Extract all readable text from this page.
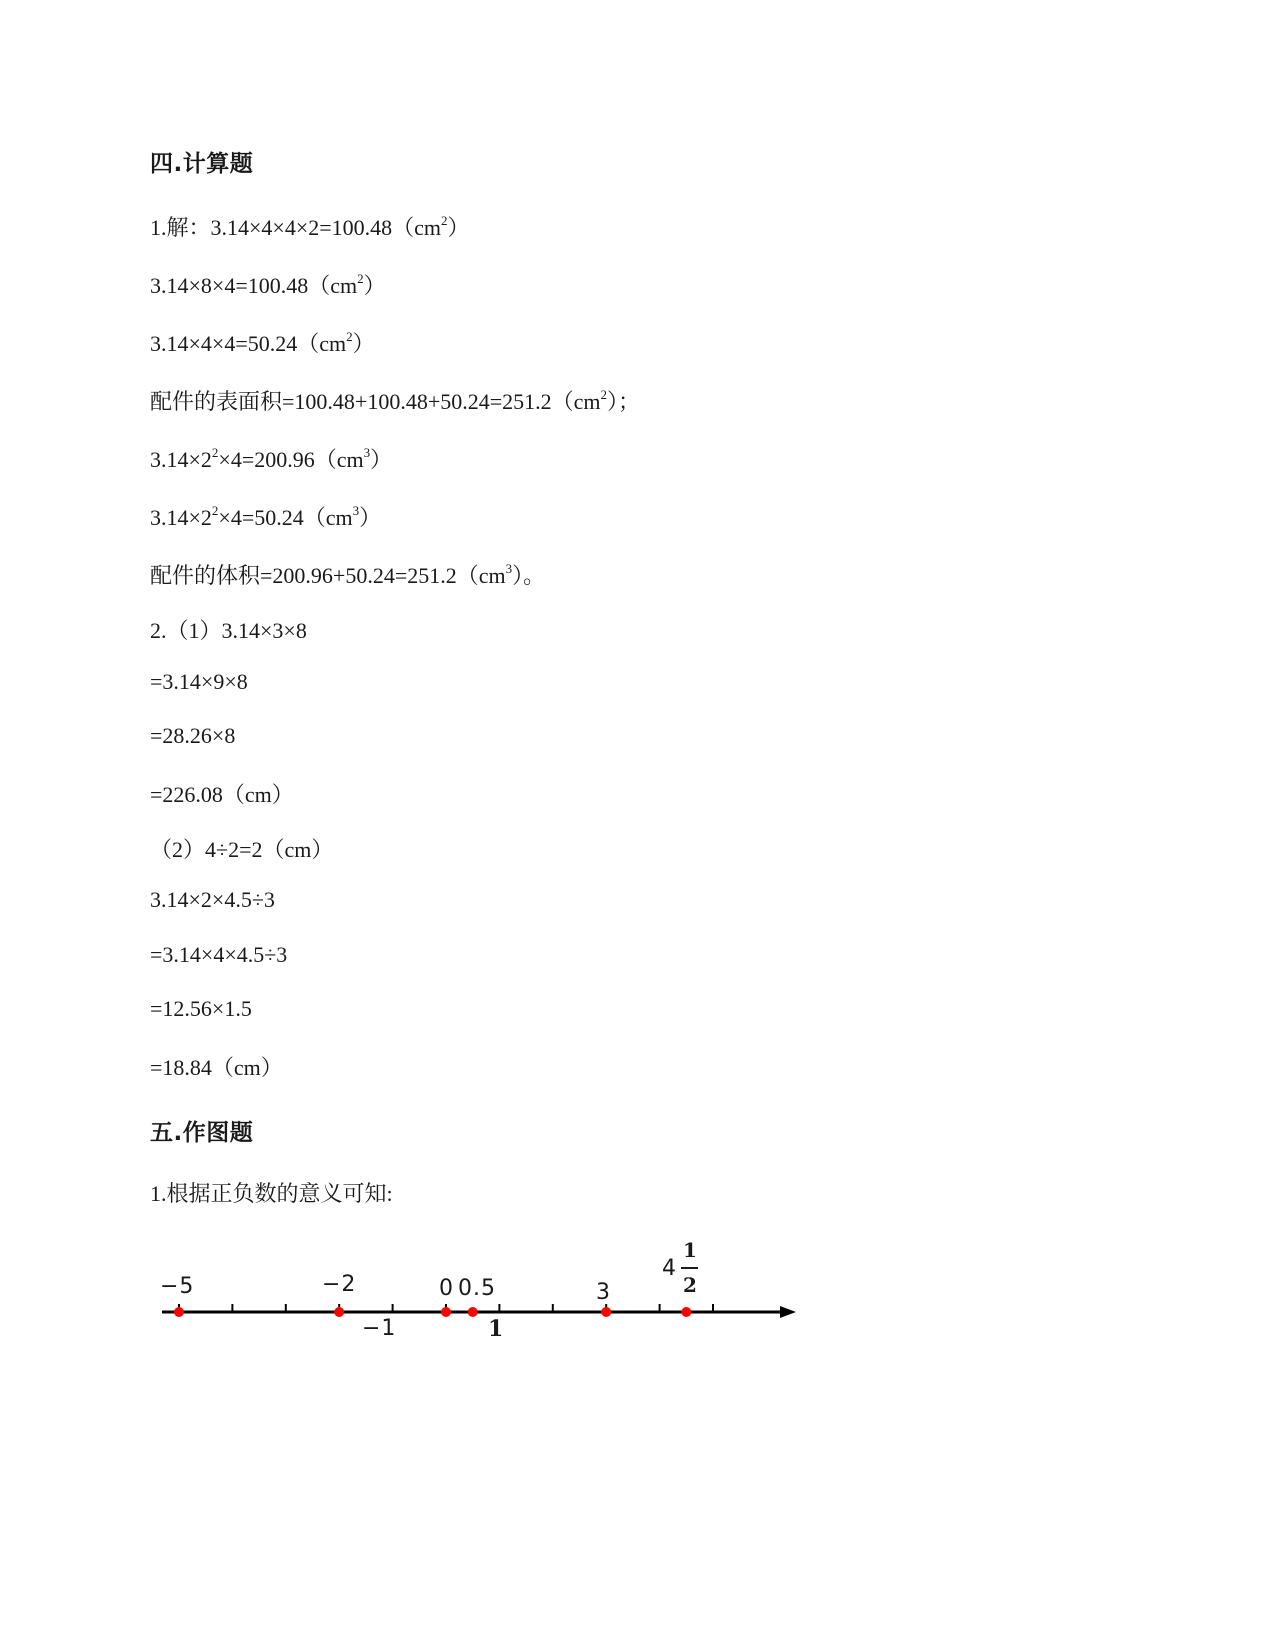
四.计算题
1.解：$3.14\times 4\times 4\times 2=100.48(cm^2)$
$3.14\times 8\times 4=100.48(cm^2)$
$3.14\times 4\times 4=50.24(cm^2)$
配件的表面积$=100.48+100.48+50.24=251.2(cm^2)$；
$3.14\times 2^2\times 4=200.96(cm^3)$
$3.14\times 2^2\times 4=50.24(cm^3)$
配件的体积$=200.96+50.24=251.2(cm^3)$。
2.（1）3.14×3×8
=3.14×9×8
=28.26×8
=226.08（cm）
（2）4÷2=2（cm）
3.14×2×4.5÷3
=3.14×4×4.5÷3
=12.56×1.5
=18.84（cm）
五.作图题
1.根据正负数的意义可知:
−5	−2	0 0.5	3
−1	1
4
1
2
